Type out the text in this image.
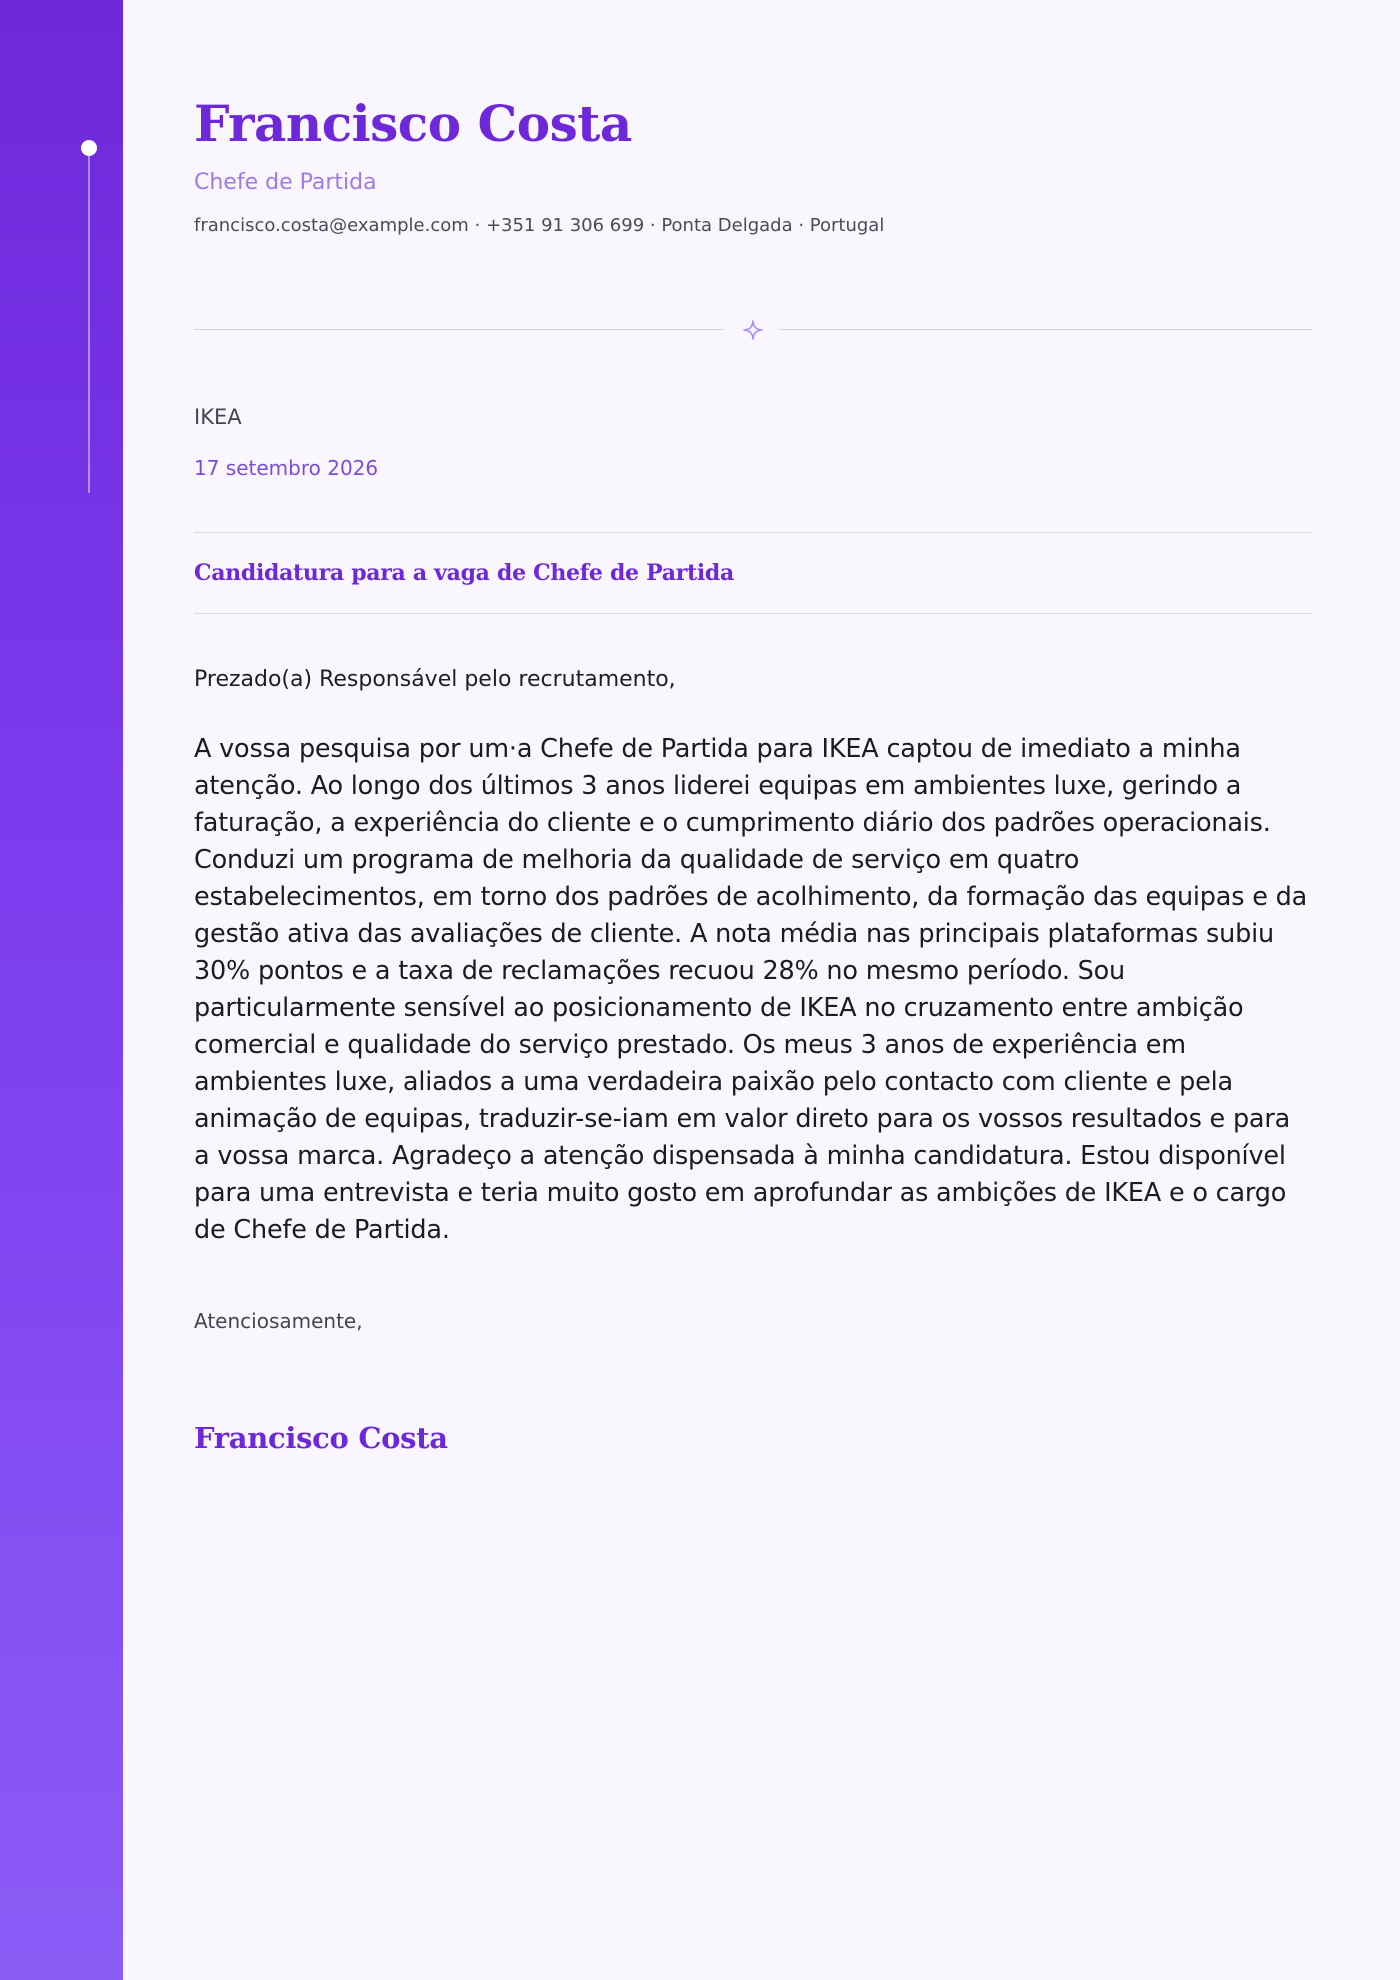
Francisco Costa
Chefe de Partida
francisco.costa@example.com · +351 91 306 699 · Ponta Delgada · Portugal
IKEA
17 setembro 2026
Candidatura para a vaga de Chefe de Partida
Prezado(a) Responsável pelo recrutamento,

A vossa pesquisa por um·a Chefe de Partida para IKEA captou de imediato a minha atenção. Ao longo dos últimos 3 anos liderei equipas em ambientes luxe, gerindo a faturação, a experiência do cliente e o cumprimento diário dos padrões operacionais. Conduzi um programa de melhoria da qualidade de serviço em quatro estabelecimentos, em torno dos padrões de acolhimento, da formação das equipas e da gestão ativa das avaliações de cliente. A nota média nas principais plataformas subiu 30% pontos e a taxa de reclamações recuou 28% no mesmo período. Sou particularmente sensível ao posicionamento de IKEA no cruzamento entre ambição comercial e qualidade do serviço prestado. Os meus 3 anos de experiência em ambientes luxe, aliados a uma verdadeira paixão pelo contacto com cliente e pela animação de equipas, traduzir-se-iam em valor direto para os vossos resultados e para a vossa marca. Agradeço a atenção dispensada à minha candidatura. Estou disponível para uma entrevista e teria muito gosto em aprofundar as ambições de IKEA e o cargo de Chefe de Partida.

Atenciosamente,
Francisco Costa
